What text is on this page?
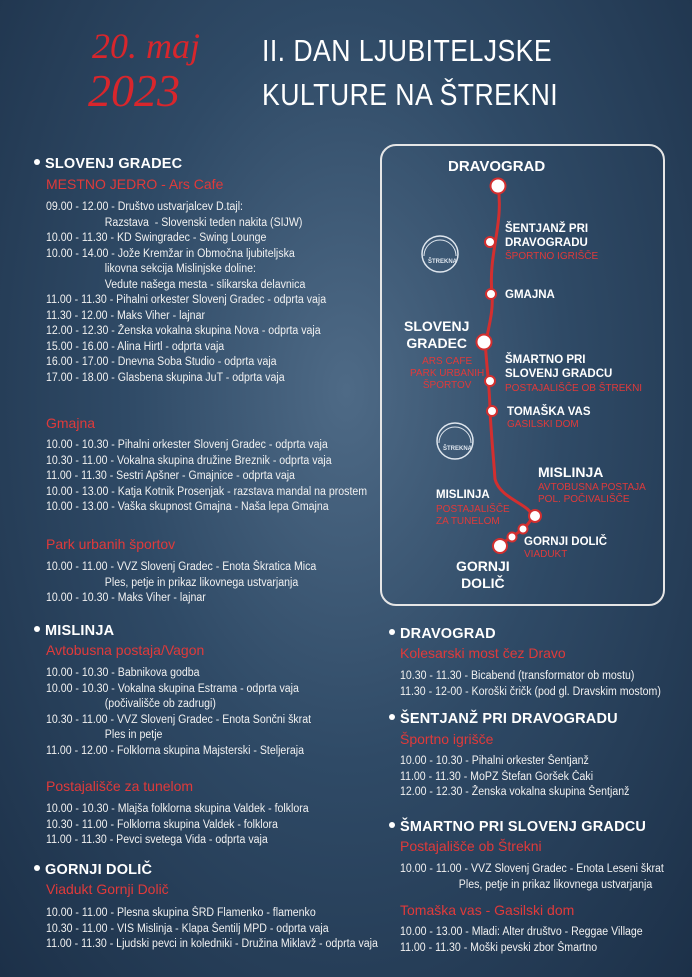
20. maj
2023
II. DAN LJUBITELJSKE
KULTURE NA ŠTREKNI
SLOVENJ GRADEC
MESTNO JEDRO - Ars Cafe
09.00 - 12.00 - Društvo ustvarjalcev D.tajl:
Razstava  - Slovenski teden nakita (SIJW)
10.00 - 11.30 - KD Swingradec - Swing Lounge
10.00 - 14.00 - Jože Kremžar in Območna ljubiteljska
likovna sekcija Mislinjske doline:
Vedute našega mesta - slikarska delavnica
11.00 - 11.30 - Pihalni orkester Slovenj Gradec - odprta vaja
11.30 - 12.00 - Maks Viher - lajnar
12.00 - 12.30 - Ženska vokalna skupina Nova - odprta vaja
15.00 - 16.00 - Alina Hirtl - odprta vaja
16.00 - 17.00 - Dnevna Soba Studio - odprta vaja
17.00 - 18.00 - Glasbena skupina JuT - odprta vaja
Gmajna
10.00 - 10.30 - Pihalni orkester Slovenj Gradec - odprta vaja
10.30 - 11.00 - Vokalna skupina družine Breznik - odprta vaja
11.00 - 11.30 - Sestri Apšner - Gmajnice - odprta vaja
10.00 - 13.00 - Katja Kotnik Prosenjak - razstava mandal na prostem
10.00 - 13.00 - Vaška skupnost Gmajna - Naša lepa Gmajna
Park urbanih športov
10.00 - 11.00 - VVZ Slovenj Gradec - Enota Škratica Mica
Ples, petje in prikaz likovnega ustvarjanja
10.00 - 10.30 - Maks Viher - lajnar
MISLINJA
Avtobusna postaja/Vagon
10.00 - 10.30 - Babnikova godba
10.00 - 10.30 - Vokalna skupina Estrama - odprta vaja
(počivališče ob zadrugi)
10.30 - 11.00 - VVZ Slovenj Gradec - Enota Sončni škrat
Ples in petje
11.00 - 12.00 - Folklorna skupina Majsterski - Steljeraja
Postajališče za tunelom
10.00 - 10.30 - Mlajša folklorna skupina Valdek - folklora
10.30 - 11.00 - Folklorna skupina Valdek - folklora
11.00 - 11.30 - Pevci svetega Vida - odprta vaja
GORNJI DOLIČ
Viadukt Gornji Dolič
10.00 - 11.00 - Plesna skupina ŠRD Flamenko - flamenko
10.30 - 11.00 - VIS Mislinja - Klapa Šentilj MPD - odprta vaja
11.00 - 11.30 - Ljudski pevci in koledniki - Družina Miklavž - odprta vaja
DRAVOGRAD
Kolesarski most čez Dravo
10.30 - 11.30 - Bicabend (transformator ob mostu)
11.30 - 12-00 - Koroški čričk (pod gl. Dravskim mostom)
ŠENTJANŽ PRI DRAVOGRADU
Športno igrišče
10.00 - 10.30 - Pihalni orkester Šentjanž
11.00 - 11.30 - MoPZ Štefan Goršek Čaki
12.00 - 12.30 - Ženska vokalna skupina Šentjanž
ŠMARTNO PRI SLOVENJ GRADCU
Postajališče ob Štrekni
10.00 - 11.00 - VVZ Slovenj Gradec - Enota Leseni škrat
Ples, petje in prikaz likovnega ustvarjanja
Tomaška vas - Gasilski dom
10.00 - 13.00 - Mladi: Alter društvo - Reggae Village
11.00 - 11.30 - Moški pevski zbor Šmartno
ŠTREKNA
ŠTREKNA
DRAVOGRAD
ŠENTJANŽ PRI
DRAVOGRADU
ŠPORTNO IGRIŠČE
GMAJNA
SLOVENJ
GRADEC
ARS CAFE
PARK URBANIH
ŠPORTOV
ŠMARTNO PRI
SLOVENJ GRADCU
POSTAJALIŠČE OB ŠTREKNI
TOMAŠKA VAS
GASILSKI DOM
MISLINJA
AVTOBUSNA POSTAJA
POL. POČIVALIŠČE
MISLINJA
POSTAJALIŠČE
ZA TUNELOM
GORNJI DOLIČ
VIADUKT
GORNJI
DOLIČ
